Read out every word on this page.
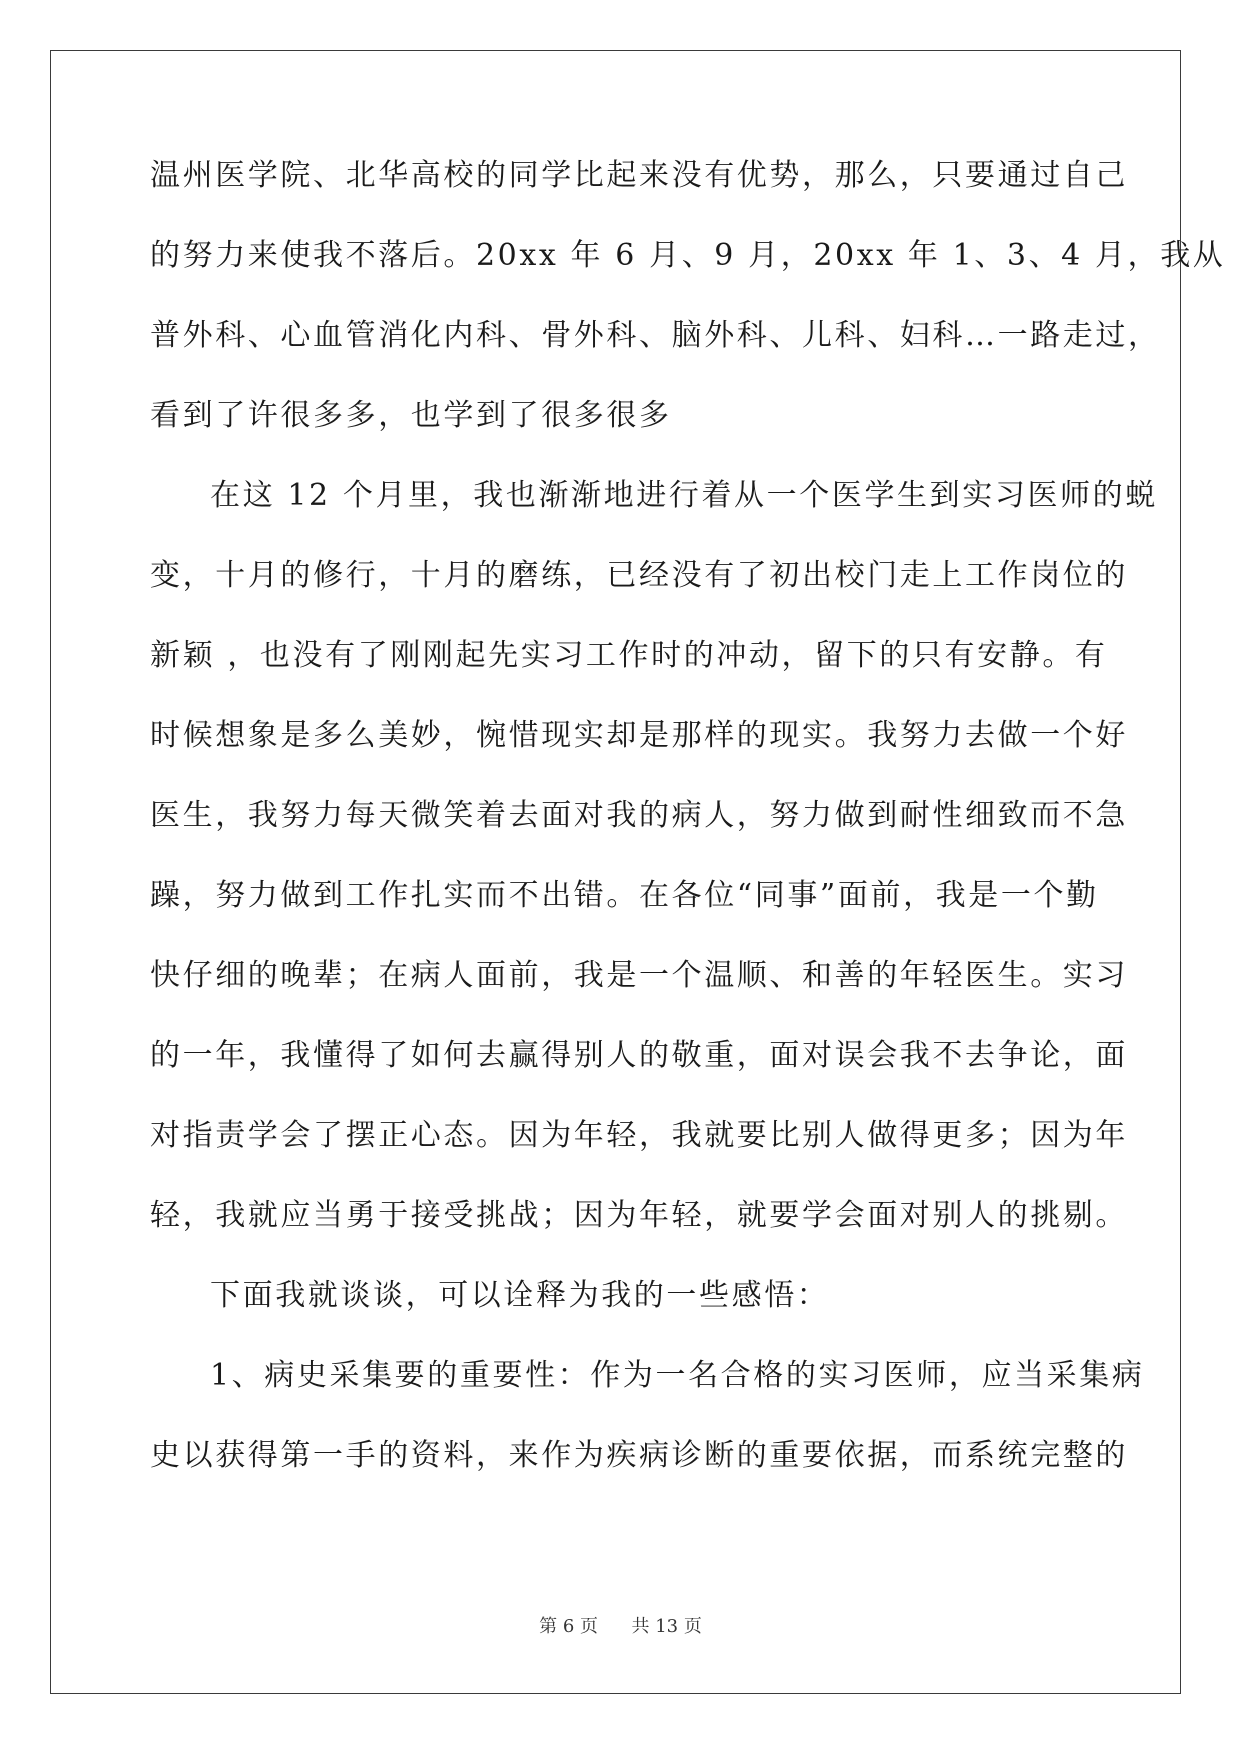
温州医学院、北华高校的同学比起来没有优势，那么，只要通过自己
的努力来使我不落后。20xx 年 6 月、9 月，20xx 年 1、3、4 月，我从
普外科、心血管消化内科、骨外科、脑外科、儿科、妇科…一路走过，
看到了许很多多，也学到了很多很多
在这 12 个月里，我也渐渐地进行着从一个医学生到实习医师的蜕
变，十月的修行，十月的磨练，已经没有了初出校门走上工作岗位的
新颖 ，也没有了刚刚起先实习工作时的冲动，留下的只有安静。有
时候想象是多么美妙，惋惜现实却是那样的现实。我努力去做一个好
医生，我努力每天微笑着去面对我的病人，努力做到耐性细致而不急
躁，努力做到工作扎实而不出错。在各位“同事”面前，我是一个勤
快仔细的晚辈；在病人面前，我是一个温顺、和善的年轻医生。实习
的一年，我懂得了如何去赢得别人的敬重，面对误会我不去争论，面
对指责学会了摆正心态。因为年轻，我就要比别人做得更多；因为年
轻，我就应当勇于接受挑战；因为年轻，就要学会面对别人的挑剔。
下面我就谈谈，可以诠释为我的一些感悟：
1、病史采集要的重要性：作为一名合格的实习医师，应当采集病
史以获得第一手的资料，来作为疾病诊断的重要依据，而系统完整的
第 6 页 共 13 页
